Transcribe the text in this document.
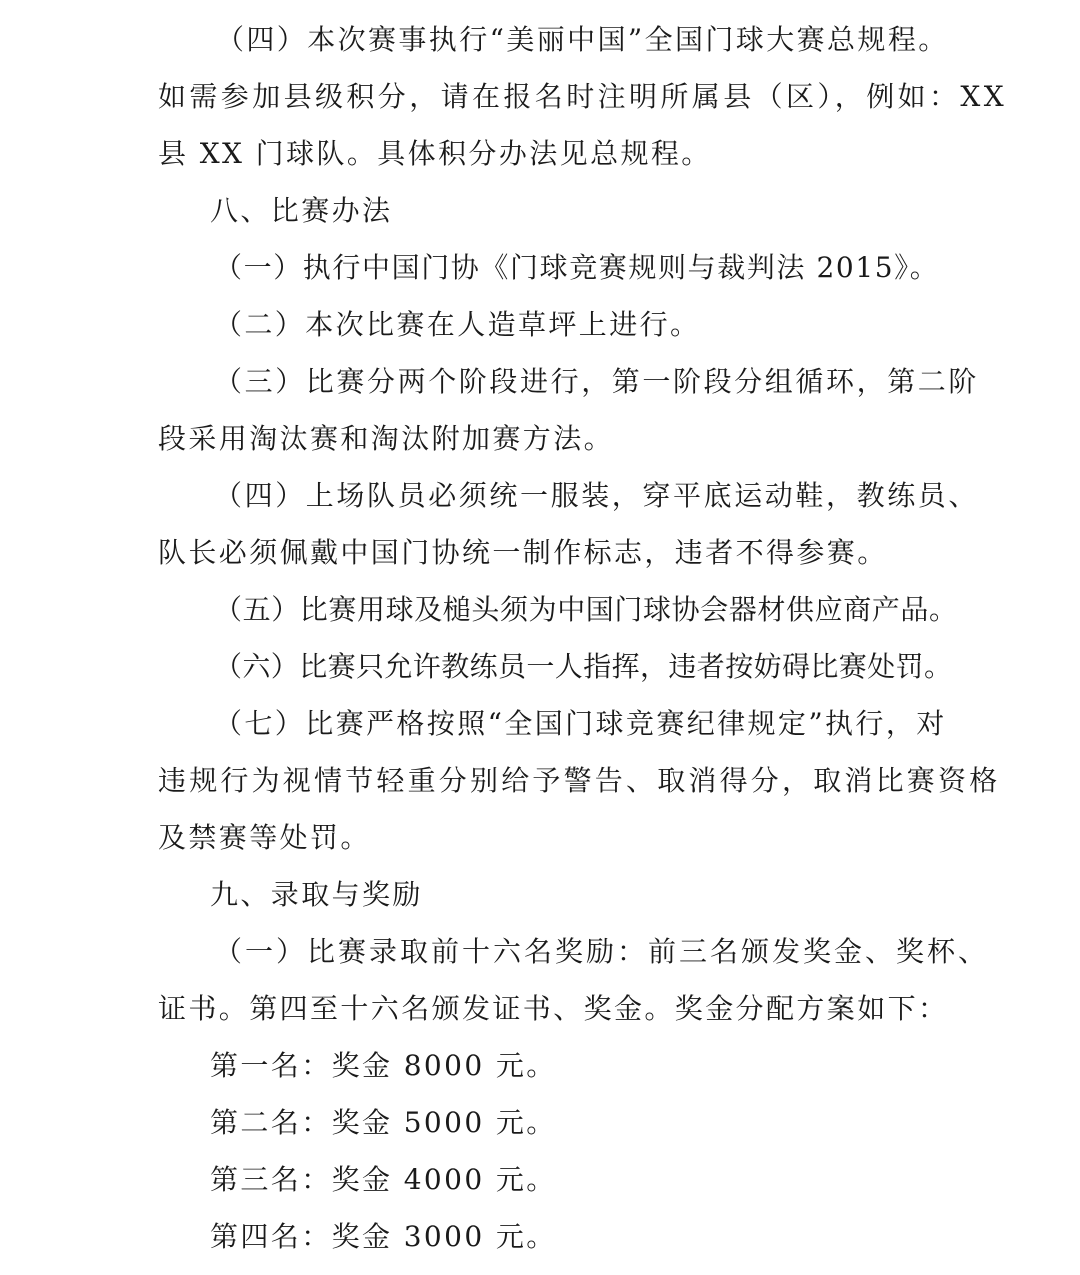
（四）本次赛事执行“美丽中国”全国门球大赛总规程。
如需参加县级积分，请在报名时注明所属县（区），例如：XX
县 XX 门球队。具体积分办法见总规程。
八、比赛办法
（一）执行中国门协《门球竞赛规则与裁判法 2015》。
（二）本次比赛在人造草坪上进行。
（三）比赛分两个阶段进行，第一阶段分组循环，第二阶
段采用淘汰赛和淘汰附加赛方法。
（四）上场队员必须统一服装，穿平底运动鞋，教练员、
队长必须佩戴中国门协统一制作标志，违者不得参赛。
（五）比赛用球及槌头须为中国门球协会器材供应商产品。
（六）比赛只允许教练员一人指挥，违者按妨碍比赛处罚。
（七）比赛严格按照“全国门球竞赛纪律规定”执行，对
违规行为视情节轻重分别给予警告、取消得分，取消比赛资格
及禁赛等处罚。
九、录取与奖励
（一）比赛录取前十六名奖励：前三名颁发奖金、奖杯、
证书。第四至十六名颁发证书、奖金。奖金分配方案如下：
第一名：奖金 8000 元。
第二名：奖金 5000 元。
第三名：奖金 4000 元。
第四名：奖金 3000 元。
